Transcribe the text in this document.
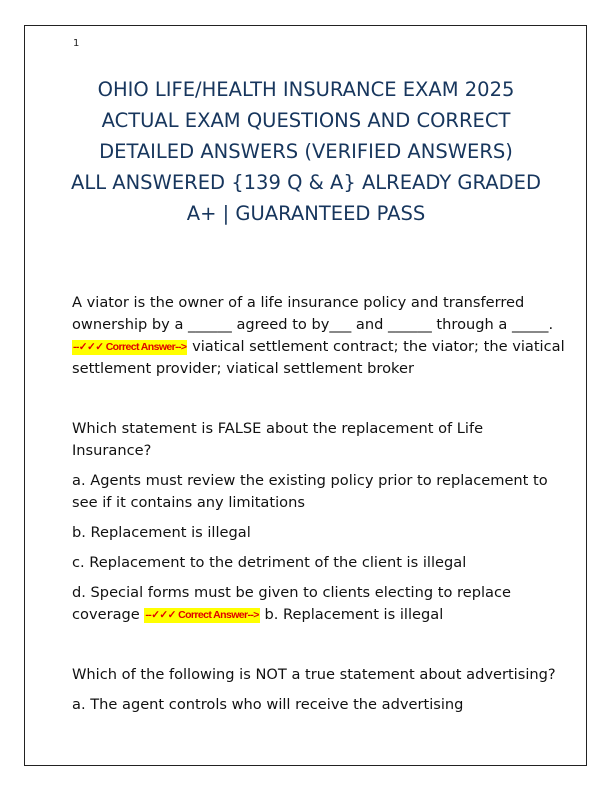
1
OHIO LIFE/HEALTH INSURANCE EXAM 2025
ACTUAL EXAM QUESTIONS AND CORRECT
DETAILED ANSWERS (VERIFIED ANSWERS)
ALL ANSWERED {139 Q & A} ALREADY GRADED
A+ | GUARANTEED PASS

A viator is the owner of a life insurance policy and transferred

ownership by a ______ agreed to by___ and ______ through a _____.

--✓✓✓ Correct Answer--> viatical settlement contract; the viator; the viatical

settlement provider; viatical settlement broker

Which statement is FALSE about the replacement of Life

Insurance?

a. Agents must review the existing policy prior to replacement to

see if it contains any limitations

b. Replacement is illegal

c. Replacement to the detriment of the client is illegal

d. Special forms must be given to clients electing to replace

coverage --✓✓✓ Correct Answer--> b. Replacement is illegal

Which of the following is NOT a true statement about advertising?

a. The agent controls who will receive the advertising
